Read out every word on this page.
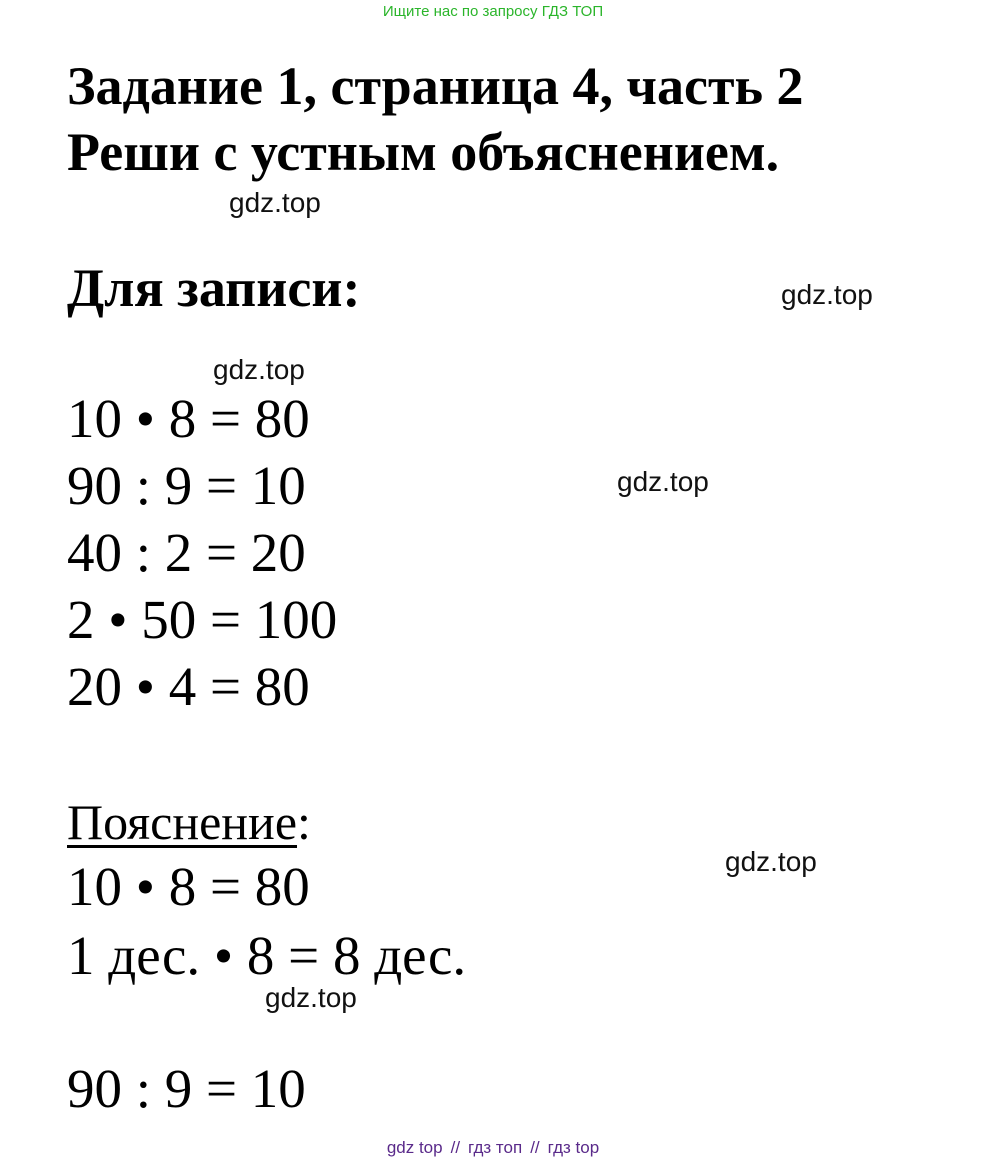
Ищите нас по запросу ГДЗ ТОП
Задание 1, страница 4, часть 2
Реши с устным объяснением.
gdz.top
Для записи:	gdz.top
gdz.top
10 • 8 = 80
90 : 9 = 10	gdz.top
40 : 2 = 20
2 • 50 = 100
20 • 4 = 80
Пояснение:
gdz.top
10 • 8 = 80
1 дес. • 8 = 8 дес.
gdz.top
90 : 9 = 10
gdz top // гдз топ // гдз top
